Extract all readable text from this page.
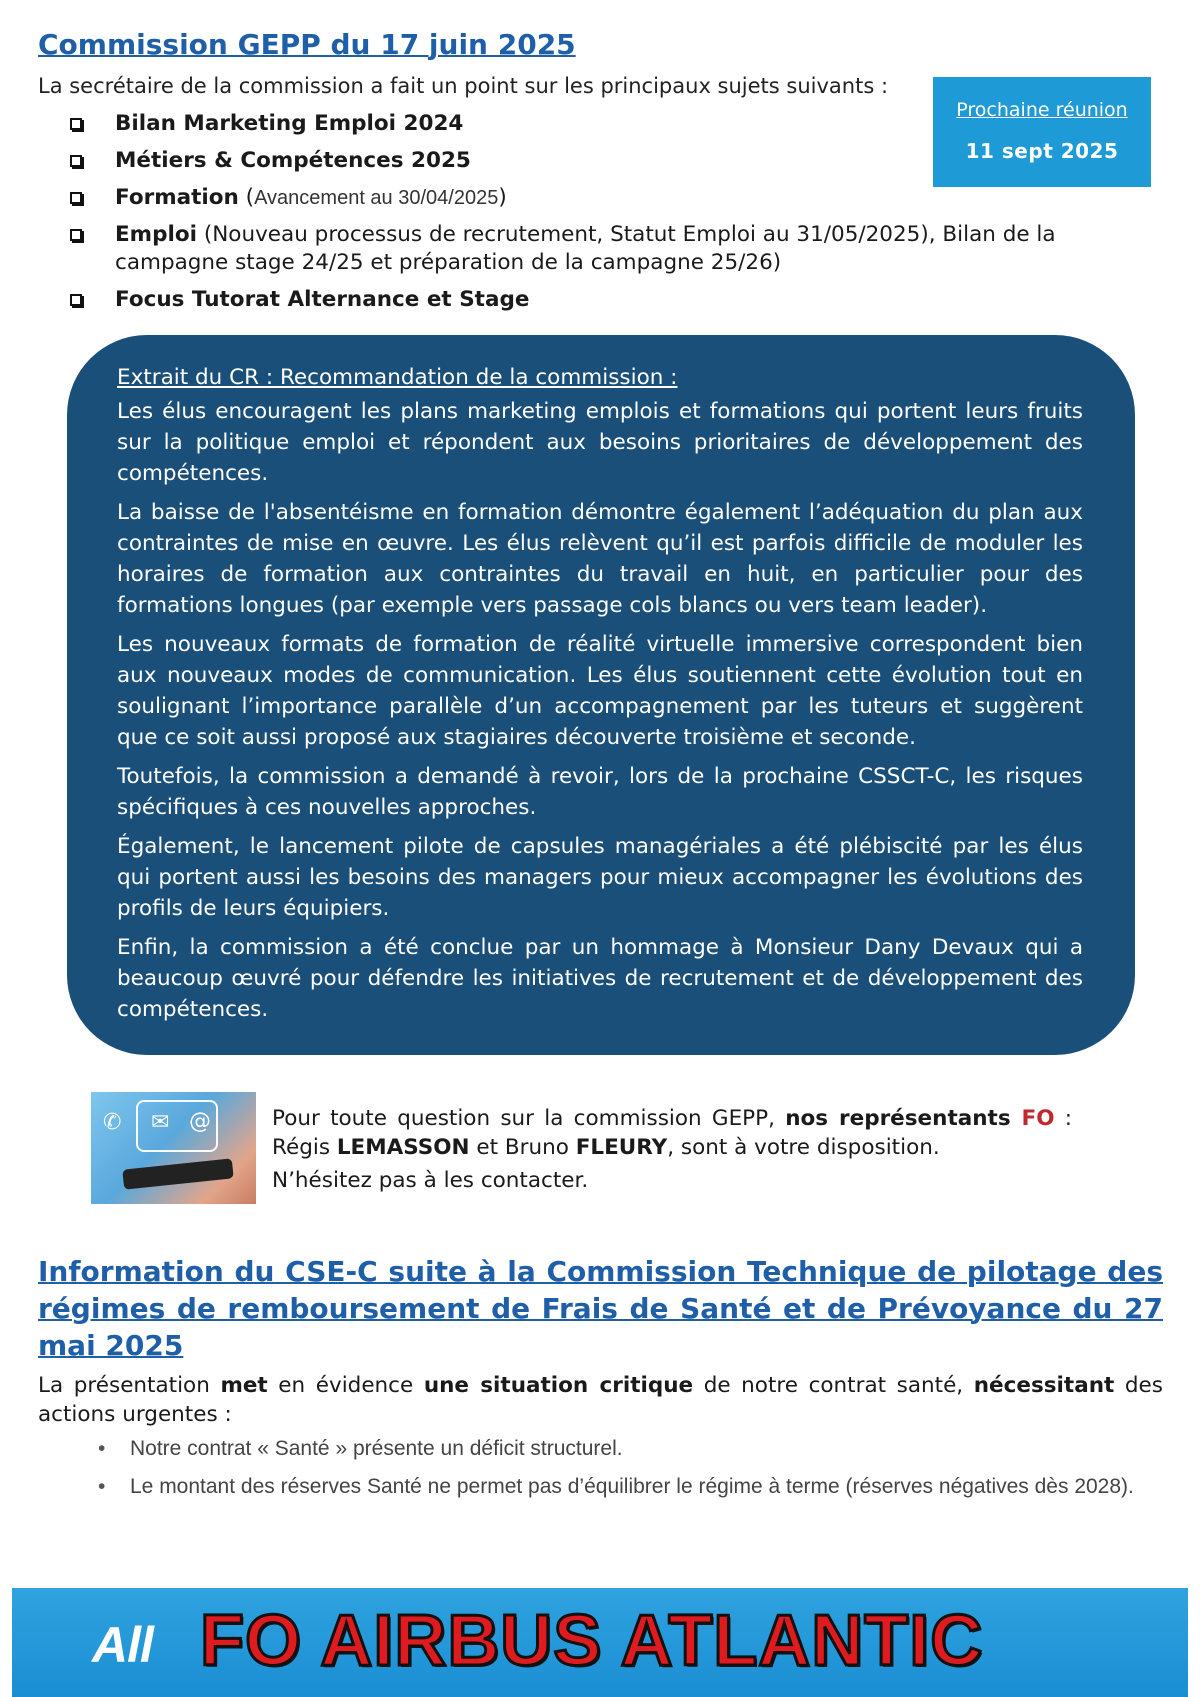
Commission GEPP du 17 juin 2025
La secrétaire de la commission a fait un point sur les principaux sujets suivants :
Prochaine réunion
11 sept 2025
Bilan Marketing Emploi 2024
Métiers & Compétences 2025
Formation (Avancement au 30/04/2025)
Emploi (Nouveau processus de recrutement, Statut Emploi au 31/05/2025), Bilan de la campagne stage 24/25 et préparation de la campagne 25/26)
Focus Tutorat Alternance et Stage
Extrait du CR : Recommandation de la commission :

Les élus encouragent les plans marketing emplois et formations qui portent leurs fruits sur la politique emploi et répondent aux besoins prioritaires de développement des compétences.

La baisse de l'absentéisme en formation démontre également l’adéquation du plan aux contraintes de mise en œuvre. Les élus relèvent qu’il est parfois difficile de moduler les horaires de formation aux contraintes du travail en huit, en particulier pour des formations longues (par exemple vers passage cols blancs ou vers team leader).

Les nouveaux formats de formation de réalité virtuelle immersive correspondent bien aux nouveaux modes de communication. Les élus soutiennent cette évolution tout en soulignant l’importance parallèle d’un accompagnement par les tuteurs et suggèrent que ce soit aussi proposé aux stagiaires découverte troisième et seconde.

Toutefois, la commission a demandé à revoir, lors de la prochaine CSSCT-C, les risques spécifiques à ces nouvelles approches.

Également, le lancement pilote de capsules managériales a été plébiscité par les élus qui portent aussi les besoins des managers pour mieux accompagner les évolutions des profils de leurs équipiers.

Enfin, la commission a été conclue par un hommage à Monsieur Dany Devaux qui a beaucoup œuvré pour défendre les initiatives de recrutement et de développement des compétences.

✆ ✉ @	Pour toute question sur la commission GEPP, nos représentants FO : Régis LEMASSON et Bruno FLEURY, sont à votre disposition.

N’hésitez pas à les contacter.

Information du CSE-C suite à la Commission Technique de pilotage des régimes de remboursement de Frais de Santé et de Prévoyance du 27 mai 2025
La présentation met en évidence une situation critique de notre contrat santé, nécessitant des actions urgentes :
• Notre contrat « Santé » présente un déficit structurel.
• Le montant des réserves Santé ne permet pas d’équilibrer le régime à terme (réserves négatives dès 2028).
All FO AIRBUS ATLANTIC
